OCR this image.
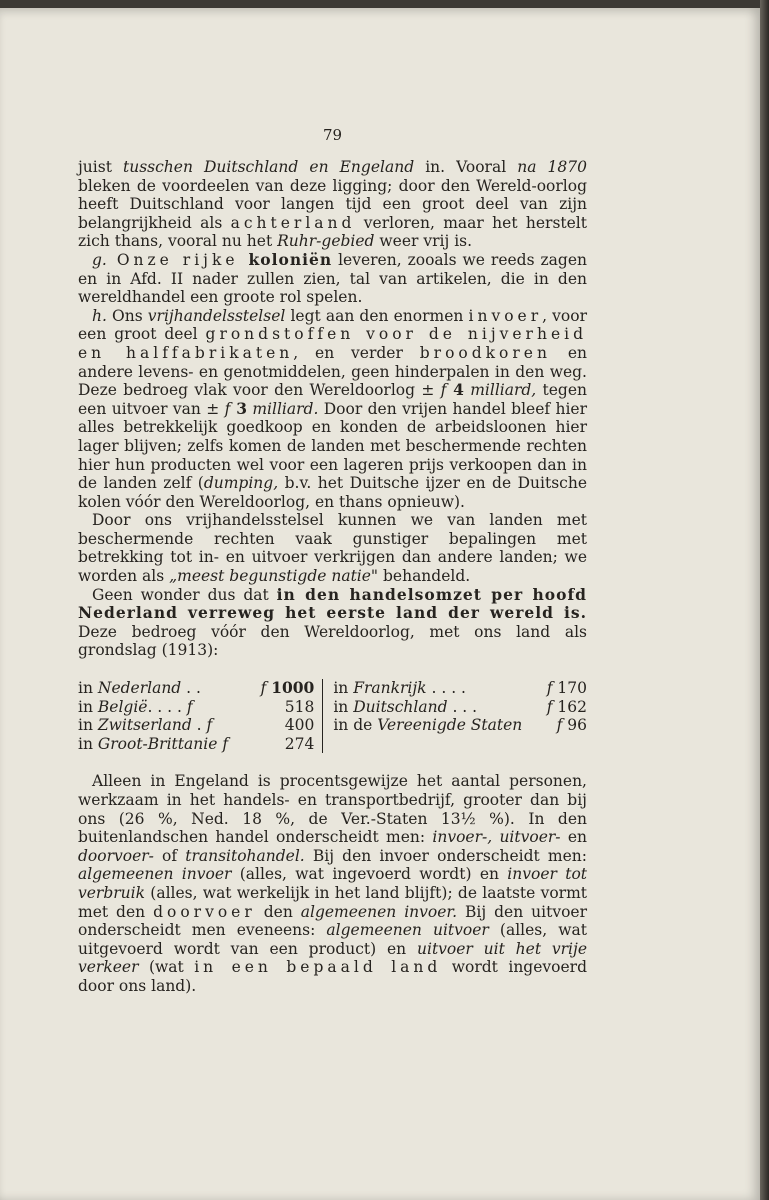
79

juist tusschen Duitschland en Engeland in. Vooral na 1870 bleken de voordeelen van deze ligging; door den Wereld-oorlog heeft Duitschland voor langen tijd een groot deel van zijn belangrijkheid als achterland verloren, maar het herstelt zich thans, vooral nu het Ruhr-gebied weer vrij is.

g. Onze rijke koloniën leveren, zooals we reeds zagen en in Afd. II nader zullen zien, tal van artikelen, die in den wereldhandel een groote rol spelen.

h. Ons vrijhandelsstelsel legt aan den enormen invoer, voor een groot deel grondstoffen voor de nijverheid en halffabrikaten, en verder broodkoren en andere levens- en genotmiddelen, geen hinderpalen in den weg. Deze bedroeg vlak voor den Wereldoorlog ± f 4 milliard, tegen een uitvoer van ± f 3 milliard. Door den vrijen handel bleef hier alles betrekkelijk goedkoop en konden de arbeidsloonen hier lager blijven; zelfs komen de landen met beschermende rechten hier hun producten wel voor een lageren prijs verkoopen dan in de landen zelf (dumping, b.v. het Duitsche ijzer en de Duitsche kolen vóór den Wereldoorlog, en thans opnieuw).

Door ons vrijhandelsstelsel kunnen we van landen met beschermende rechten vaak gunstiger bepalingen met betrekking tot in- en uitvoer verkrijgen dan andere landen; we worden als „meest begunstigde natie" behandeld.

Geen wonder dus dat in den handelsomzet per hoofd Nederland verreweg het eerste land der wereld is. Deze bedroeg vóór den Wereldoorlog, met ons land als grondslag (1913):

in Nederland . .	f 1000
in België. . . . f	518
in Zwitserland . f	400
in Groot-Brittanie f	274

in Frankrijk . . . .	f 170
in Duitschland . . .	f 162
in de Vereenigde Staten f 96

Alleen in Engeland is procentsgewijze het aantal personen, werkzaam in het handels- en transportbedrijf, grooter dan bij ons (26 %, Ned. 18 %, de Ver.-Staten 13½ %). In den buitenlandschen handel onderscheidt men: invoer-, uitvoer- en doorvoer- of transitohandel. Bij den invoer onderscheidt men: algemeenen invoer (alles, wat ingevoerd wordt) en invoer tot verbruik (alles, wat werkelijk in het land blijft); de laatste vormt met den doorvoer den algemeenen invoer. Bij den uitvoer onderscheidt men eveneens: algemeenen uitvoer (alles, wat uitgevoerd wordt van een product) en uitvoer uit het vrije verkeer (wat in een bepaald land wordt ingevoerd door ons land).
